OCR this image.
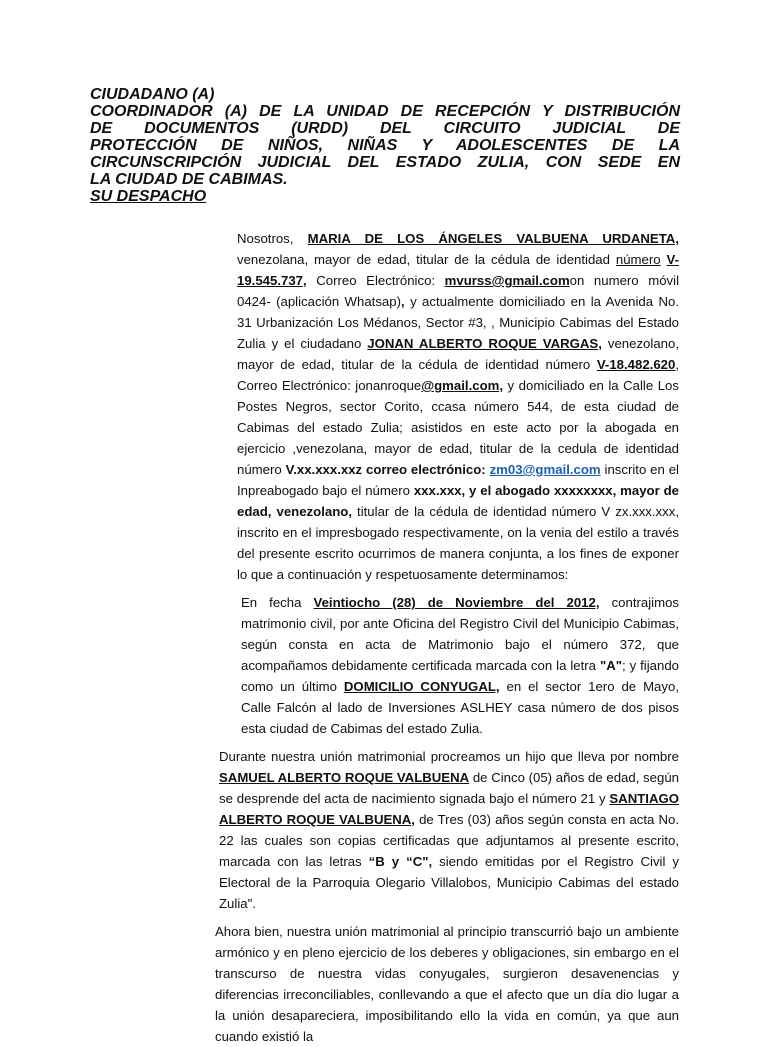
CIUDADANO (A)
COORDINADOR (A) DE LA UNIDAD DE RECEPCIÓN Y DISTRIBUCIÓN
DE DOCUMENTOS (URDD) DEL CIRCUITO JUDICIAL DE
PROTECCIÓN DE NIÑOS, NIÑAS Y ADOLESCENTES DE LA
CIRCUNSCRIPCIÓN JUDICIAL DEL ESTADO ZULIA, CON SEDE EN
LA CIUDAD DE CABIMAS.
SU DESPACHO

Nosotros, MARIA DE LOS ÁNGELES VALBUENA URDANETA, venezolana, mayor de edad, titular de la cédula de identidad número V-19.545.737, Correo Electrónico: mvurss@gmail.comon numero móvil 0424- (aplicación Whatsap), y actualmente domiciliado en la Avenida No. 31 Urbanización Los Médanos, Sector #3, , Municipio Cabimas del Estado Zulia y el ciudadano JONAN ALBERTO ROQUE VARGAS, venezolano, mayor de edad, titular de la cédula de identidad número V-18.482.620, Correo Electrónico: jonanroque@gmail.com, y domiciliado en la Calle Los Postes Negros, sector Corito, ccasa número 544, de esta ciudad de Cabimas del estado Zulia; asistidos en este acto por la abogada en ejercicio ,venezolana, mayor de edad, titular de la cedula de identidad número V.xx.xxx.xxz correo electrónico: zm03@gmail.com inscrito en el Inpreabogado bajo el número xxx.xxx, y el abogado xxxxxxxx, mayor de edad, venezolano, titular de la cédula de identidad número V zx.xxx.xxx, inscrito en el impresbogado respectivamente, on la venia del estilo a través del presente escrito ocurrimos de manera conjunta, a los fines de exponer lo que a continuación y respetuosamente determinamos:

En fecha Veintiocho (28) de Noviembre del 2012, contrajimos matrimonio civil, por ante Oficina del Registro Civil del Municipio Cabimas, según consta en acta de Matrimonio bajo el número 372, que acompañamos debidamente certificada marcada con la letra "A"; y fijando como un último DOMICILIO CONYUGAL, en el sector 1ero de Mayo, Calle Falcón al lado de Inversiones ASLHEY casa número de dos pisos esta ciudad de Cabimas del estado Zulia.

Durante nuestra unión matrimonial procreamos un hijo que lleva por nombre SAMUEL ALBERTO ROQUE VALBUENA de Cinco (05) años de edad, según se desprende del acta de nacimiento signada bajo el número 21 y SANTIAGO ALBERTO ROQUE VALBUENA, de Tres (03) años según consta en acta No. 22 las cuales son copias certificadas que adjuntamos al presente escrito, marcada con las letras “B y “C", siendo emitidas por el Registro Civil y Electoral de la Parroquia Olegario Villalobos, Municipio Cabimas del estado Zulia".

Ahora bien, nuestra unión matrimonial al principio transcurrió bajo un ambiente armónico y en pleno ejercicio de los deberes y obligaciones, sin embargo en el transcurso de nuestra vidas conyugales, surgieron desavenencias y diferencias irreconciliables, conllevando a que el afecto que un día dio lugar a la unión desapareciera, imposibilitando ello la vida en común, ya que aun cuando existió la
